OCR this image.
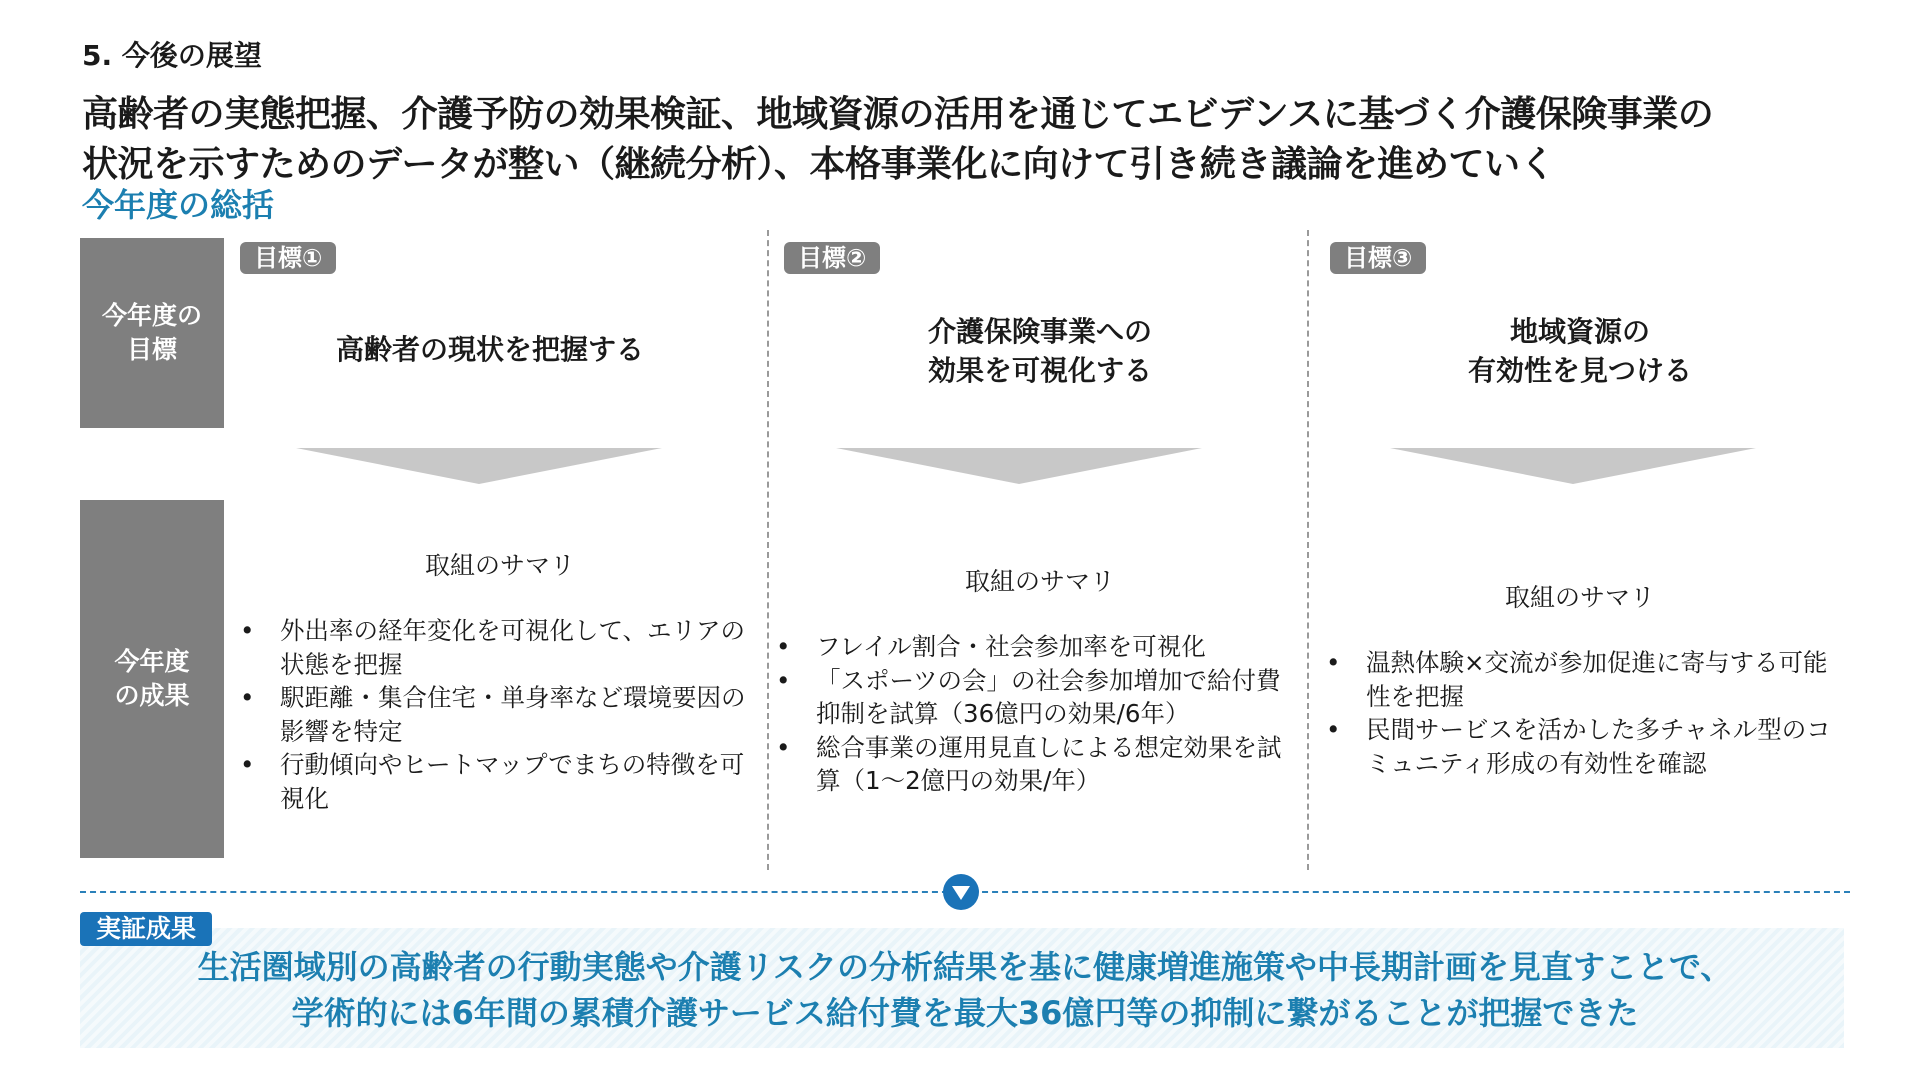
5. 今後の展望
高齢者の実態把握、介護予防の効果検証、地域資源の活用を通じてエビデンスに基づく介護保険事業の
状況を示すためのデータが整い（継続分析）、本格事業化に向けて引き続き議論を進めていく
今年度の総括
今年度の
目標
今年度
の成果
目標①
高齢者の現状を把握する
取組のサマリ
• 外出率の経年変化を可視化して、エリアの状態を把握
• 駅距離・集合住宅・単身率など環境要因の影響を特定
• 行動傾向やヒートマップでまちの特徴を可視化
目標②
介護保険事業への
効果を可視化する
取組のサマリ
• フレイル割合・社会参加率を可視化
• 「スポーツの会」の社会参加増加で給付費抑制を試算（36億円の効果/6年）
• 総合事業の運用見直しによる想定効果を試算（1～2億円の効果/年）
目標③
地域資源の
有効性を見つける
取組のサマリ
• 温熱体験×交流が参加促進に寄与する可能性を把握
• 民間サービスを活かした多チャネル型のコミュニティ形成の有効性を確認
実証成果
生活圏域別の高齢者の行動実態や介護リスクの分析結果を基に健康増進施策や中長期計画を見直すことで、
学術的には6年間の累積介護サービス給付費を最大36億円等の抑制に繋がることが把握できた
